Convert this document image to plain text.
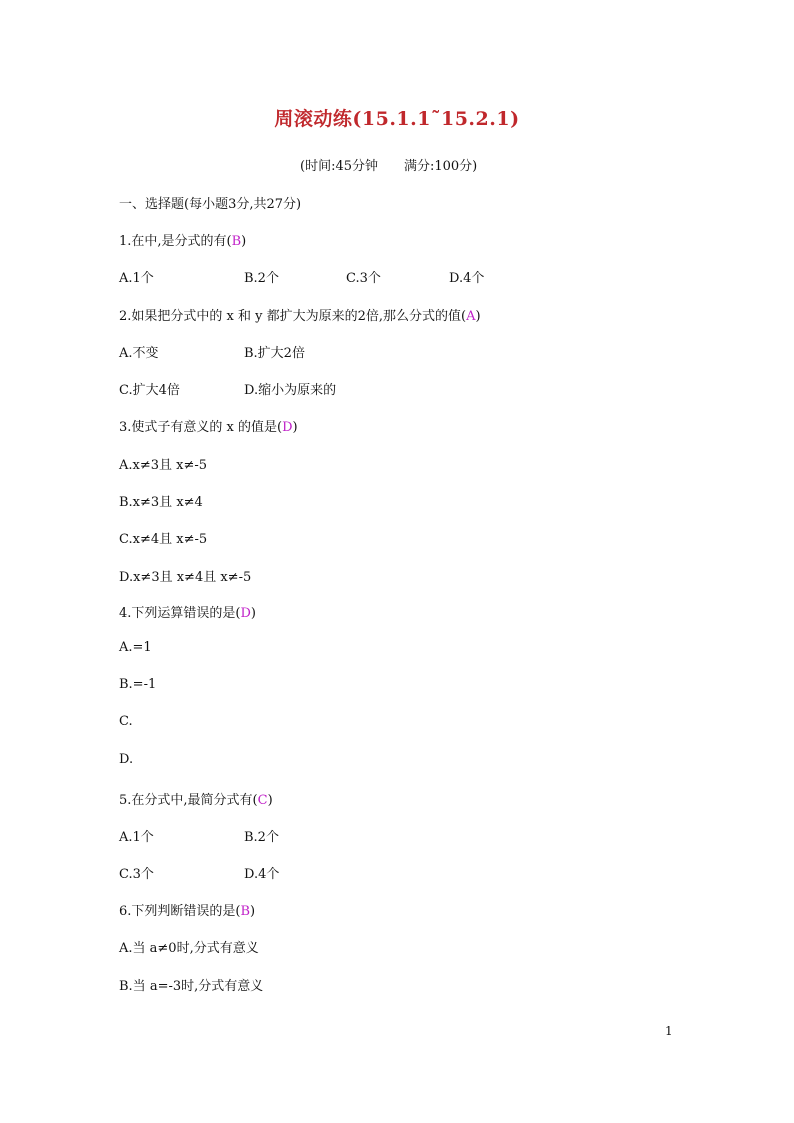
周滚动练(15.1.1˜15.2.1)
(时间:45分钟　　满分:100分)
一、选择题(每小题3分,共27分)
1.在中,是分式的有(B)
A.1个	B.2个	C.3个	D.4个
2.如果把分式中的 x 和 y 都扩大为原来的2倍,那么分式的值(A)
A.不变	B.扩大2倍
C.扩大4倍	D.缩小为原来的
3.使式子有意义的 x 的值是(D)
A.x≠3且 x≠-5
B.x≠3且 x≠4
C.x≠4且 x≠-5
D.x≠3且 x≠4且 x≠-5
4.下列运算错误的是(D)
A.=1
B.=-1
C.
D.
5.在分式中,最简分式有(C)
A.1个	B.2个
C.3个	D.4个
6.下列判断错误的是(B)
A.当 a≠0时,分式有意义
B.当 a=-3时,分式有意义
1
